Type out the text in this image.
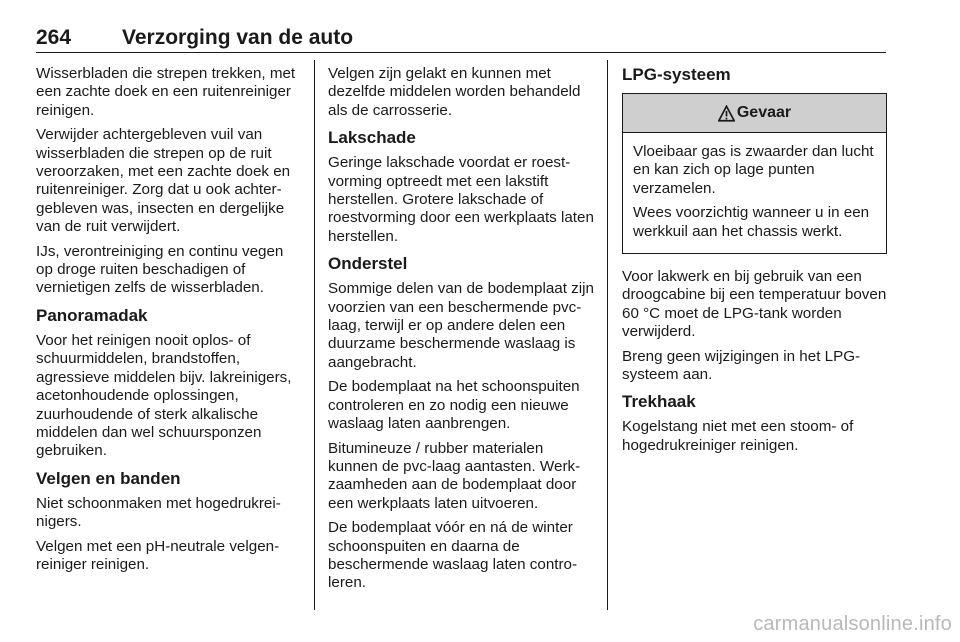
264 Verzorging van de auto

Wisserbladen die strepen trekken, met een zachte doek en een ruitenreiniger reinigen.

Verwijder achtergebleven vuil van wisserbladen die strepen op de ruit veroorzaken, met een zachte doek en ruitenreiniger. Zorg dat u ook achtergebleven was, insecten en dergelijke van de ruit verwijdert.

IJs, verontreiniging en continu vegen op droge ruiten beschadigen of vernietigen zelfs de wisserbladen.

Panoramadak

Voor het reinigen nooit oplos- of schuurmiddelen, brandstoffen, agressieve middelen bijv. lakreinigers, acetonhoudende oplossingen, zuurhoudende of sterk alkalische middelen dan wel schuursponzen gebruiken.

Velgen en banden

Niet schoonmaken met hogedrukreinigers.

Velgen met een pH-neutrale velgenreiniger reinigen.

Velgen zijn gelakt en kunnen met dezelfde middelen worden behandeld als de carrosserie.

Lakschade

Geringe lakschade voordat er roestvorming optreedt met een lakstift herstellen. Grotere lakschade of roestvorming door een werkplaats laten herstellen.

Onderstel

Sommige delen van de bodemplaat zijn voorzien van een beschermende pvc-laag, terwijl er op andere delen een duurzame beschermende waslaag is aangebracht.

De bodemplaat na het schoonspuiten controleren en zo nodig een nieuwe waslaag laten aanbrengen.

Bitumineuze / rubber materialen kunnen de pvc-laag aantasten. Werkzaamheden aan de bodemplaat door een werkplaats laten uitvoeren.

De bodemplaat vóór en ná de winter schoonspuiten en daarna de beschermende waslaag laten controleren.

LPG-systeem
Gevaar

Vloeibaar gas is zwaarder dan lucht en kan zich op lage punten verzamelen.

Wees voorzichtig wanneer u in een werkkuil aan het chassis werkt.

Voor lakwerk en bij gebruik van een droogcabine bij een temperatuur boven 60 °C moet de LPG-tank worden verwijderd.

Breng geen wijzigingen in het LPG-systeem aan.

Trekhaak

Kogelstang niet met een stoom- of hogedrukreiniger reinigen.

carmanualsonline.info
